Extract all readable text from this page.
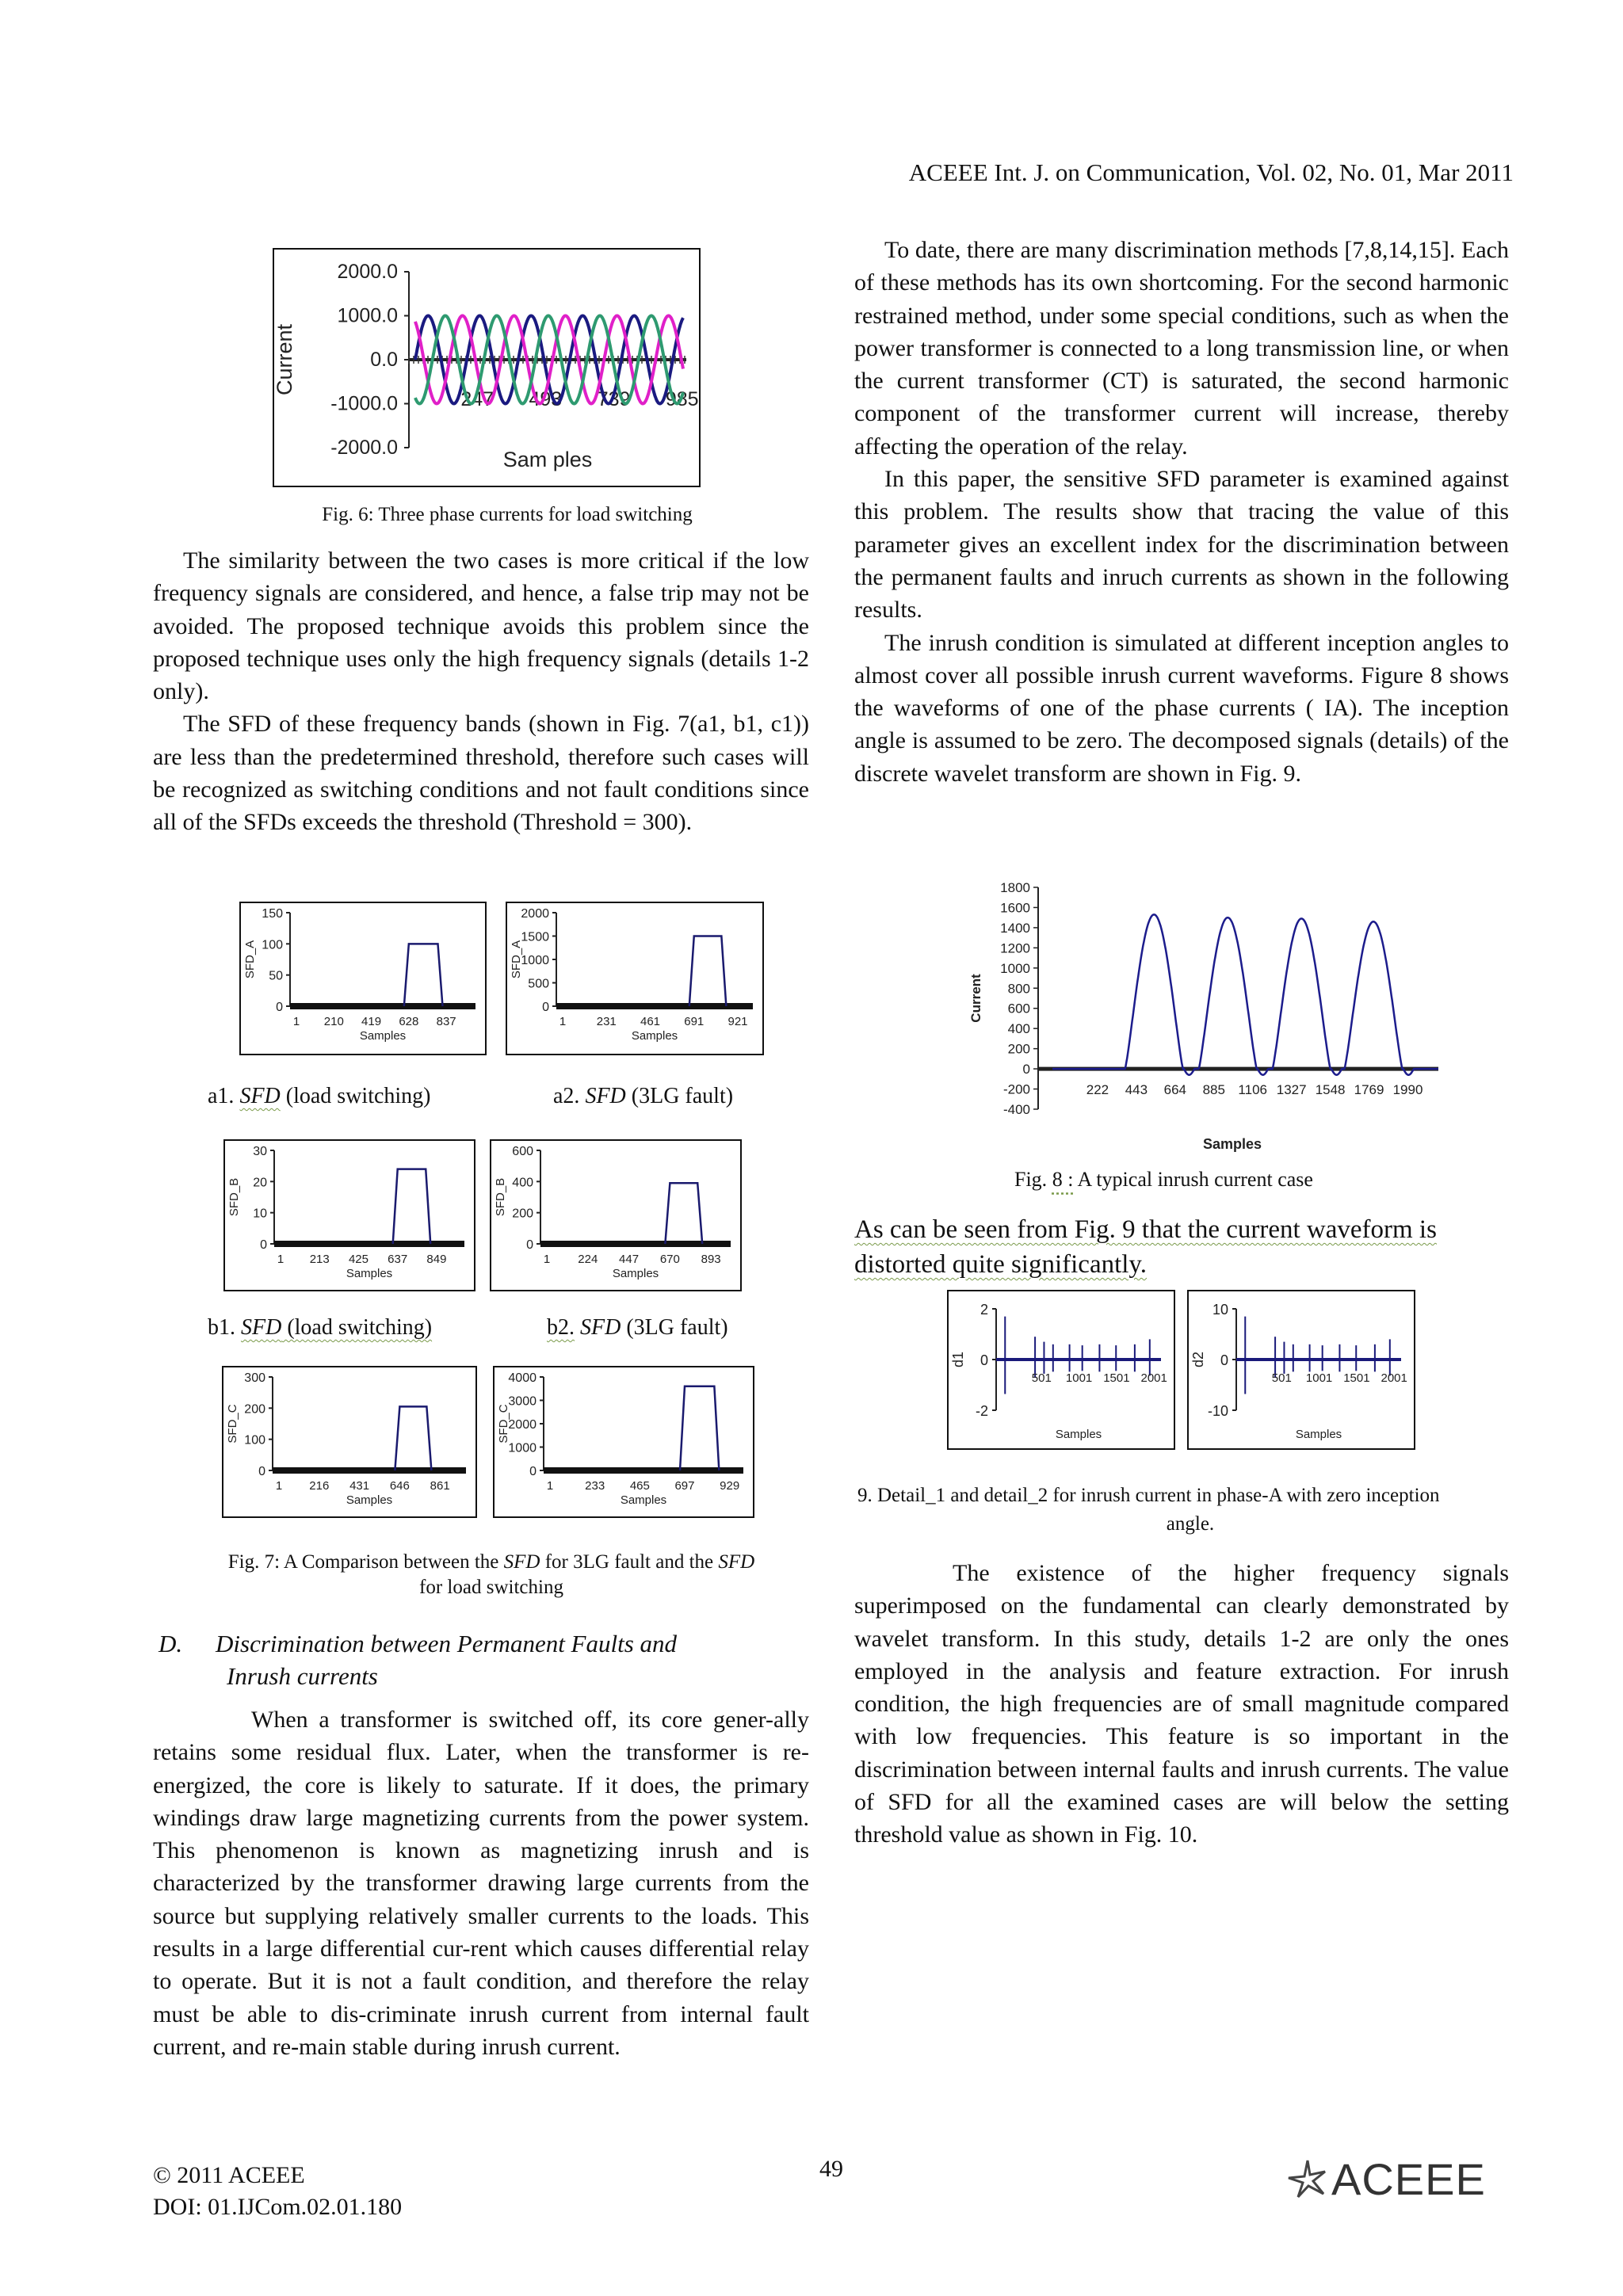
ACEEE Int. J. on Communication, Vol. 02, No. 01, Mar 2011
2000.0
1000.0
0.0
-1000.0
-2000.0
247 493 739 985
Current
Sam ples
Fig. 6: Three phase currents for load switching

The similarity between the two cases is more critical if the low frequency signals are considered, and hence, a false trip may not be avoided. The proposed technique avoids this problem since the proposed technique uses only the high frequency signals (details 1-2 only).

The SFD of these frequency bands (shown in Fig. 7(a1, b1, c1)) are less than the predetermined threshold, therefore such cases will be recognized as switching conditions and not fault conditions since all of the SFDs exceeds the threshold (Threshold = 300).

150
100
50
0
1 210 419 628 837
Samples
SFD_A
2000
1500
1000
500
0
1	231 461 691 921
Samples
SFD_A
a1. SFD (load switching)	a2. SFD (3LG fault)
30
20
10
0
1 213 425 637 849
Samples
SFD_B
600
400
200
0
1 224 447 670 893
Samples
SFD_B
b1. SFD (load switching)	b2. SFD (3LG fault)
300
200
100
0
1 216 431 646 861
Samples
SFD_C
4000
3000
2000
1000
0
1	233 465 697 929
Samples
SFD_C
Fig. 7: A Comparison between the SFD for 3LG fault and the SFD
for load switching
D. Discrimination between Permanent Faults and
Inrush currents

When a transformer is switched off, its core gener-ally retains some residual flux. Later, when the transformer is re-energized, the core is likely to saturate. If it does, the primary windings draw large magnetizing currents from the power system. This phenomenon is known as magnetizing inrush and is characterized by the transformer drawing large currents from the source but supplying relatively smaller currents to the loads. This results in a large differential cur-rent which causes differential relay to operate. But it is not a fault condition, and therefore the relay must be able to dis-criminate inrush current from internal fault current, and re-main stable during inrush current.

To date, there are many discrimination methods [7,8,14,15]. Each of these methods has its own shortcoming. For the second harmonic restrained method, under some special conditions, such as when the power transformer is connected to a long transmission line, or when the current transformer (CT) is saturated, the second harmonic component of the transformer current will increase, thereby affecting the operation of the relay.

In this paper, the sensitive SFD parameter is examined against this problem. The results show that tracing the value of this parameter gives an excellent index for the discrimination between the permanent faults and inruch currents as shown in the following results.

The inrush condition is simulated at different inception angles to almost cover all possible inrush current waveforms. Figure 8 shows the waveforms of one of the phase currents ( IA). The inception angle is assumed to be zero. The decomposed signals (details) of the discrete wavelet transform are shown in Fig. 9.

1800
1600
1400
1200
1000
800
600
400
200
0
-200
-400
222 443 664 885 1106 1327 1548 1769 1990
Current
Samples
Fig. 8 : A typical inrush current case
As can be seen from Fig. 9 that the current waveform is distorted quite significantly.
2
0
-2
501 1001 1501 2001
Samples
d1
10
0
-10
501 1001 1501 2001
Samples
d2
9. Detail_1 and detail_2 for inrush current in phase-A with zero inception
angle.

The existence of the higher frequency signals superimposed on the fundamental can clearly demonstrated by wavelet transform. In this study, details 1-2 are only the ones employed in the analysis and feature extraction. For inrush condition, the high frequencies are of small magnitude compared with low frequencies. This feature is so important in the discrimination between internal faults and inrush currents. The value of SFD for all the examined cases are will below the setting threshold value as shown in Fig. 10.

© 2011 ACEEE
DOI: 01.IJCom.02.01.180
49	ACEEE
